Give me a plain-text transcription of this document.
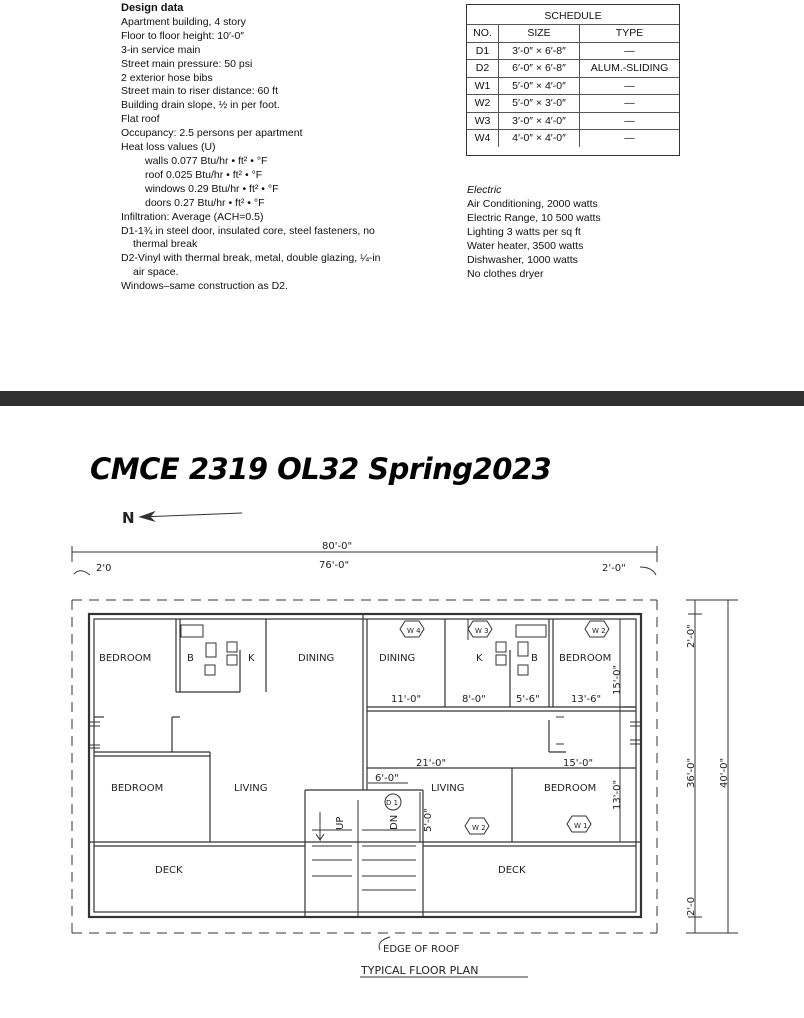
Design data
Apartment building, 4 story
Floor to floor height: 10′-0″
3-in service main
Street main pressure: 50 psi
2 exterior hose bibs
Street main to riser distance: 60 ft
Building drain slope, ½ in per foot.
Flat roof
Occupancy: 2.5 persons per apartment
Heat loss values (U)
walls 0.077 Btu/hr • ft² • °F
roof 0.025 Btu/hr • ft² • °F
windows 0.29 Btu/hr • ft² • °F
doors 0.27 Btu/hr • ft² • °F
Infiltration: Average (ACH=0.5)
D1-1¾ in steel door, insulated core, steel fasteners, no
thermal break
D2-Vinyl with thermal break, metal, double glazing, ¼-in
air space.
Windows–same construction as D2.
SCHEDULE
NO.	SIZE	TYPE
D1	3′-0″ × 6′-8″	—
D2	6′-0″ × 6′-8″	ALUM.-SLIDING
W1	5′-0″ × 4′-0″	—
W2	5′-0″ × 3′-0″	—
W3	3′-0″ × 4′-0″	—
W4	4′-0″ × 4′-0″	—
Electric
Air Conditioning, 2000 watts
Electric Range, 10 500 watts
Lighting 3 watts per sq ft
Water heater, 3500 watts
Dishwasher, 1000 watts
No clothes dryer
CMCE 2319 OL32 Spring2023
N
80'-0"
76'-0"
2'0	2'-0"
BEDROOM	B	K	DINING
BEDROOM	LIVING
DECK
DINING	K	B BEDROOM
LIVING	BEDROOM
DECK
UP	DN
11'-0"	8'-0"	5'-6"	13'-6"
21'-0"	15'-0"
6'-0"
5'-0"
15'-0"
13'-0"
2'-0"
36'-0" 40'-0"
2'-0
W 4	W 3	W 2
W 2	W 1
D 1
EDGE OF ROOF
TYPICAL FLOOR PLAN
